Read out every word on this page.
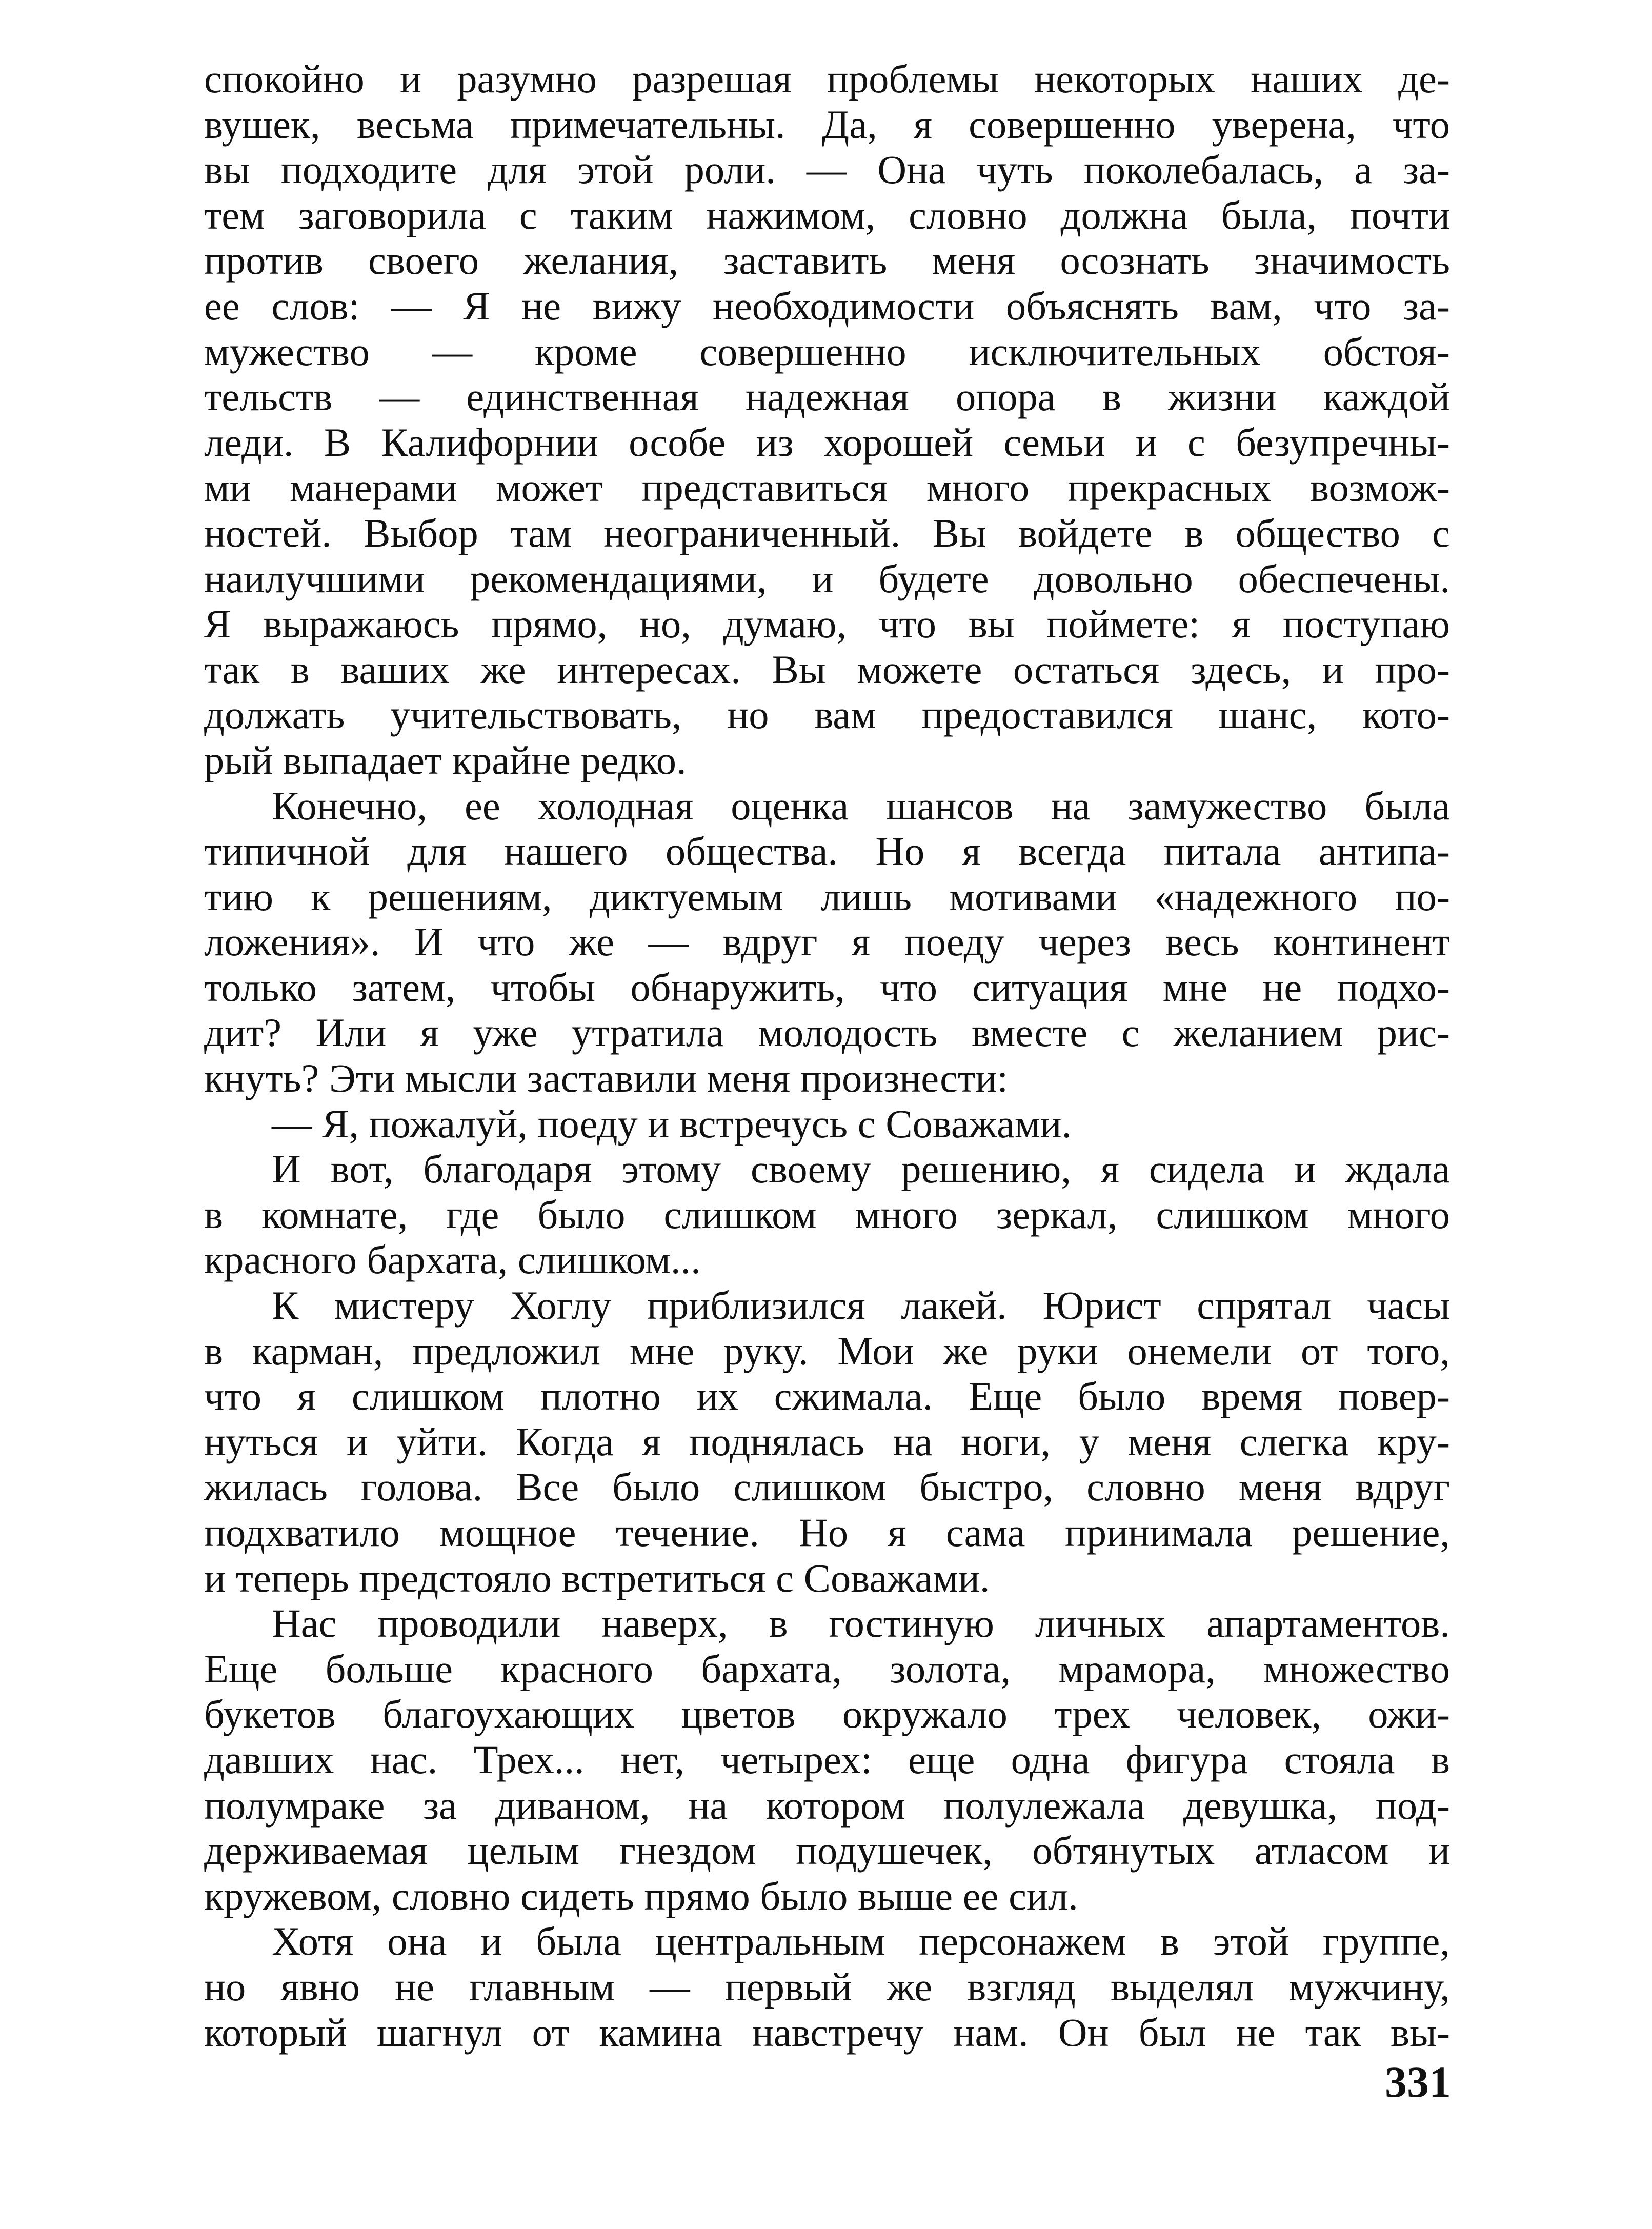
спокойно и разумно разрешая проблемы некоторых наших де-
вушек, весьма примечательны. Да, я совершенно уверена, что
вы подходите для этой роли. — Она чуть поколебалась, а за-
тем заговорила с таким нажимом, словно должна была, почти
против своего желания, заставить меня осознать значимость
ее слов: — Я не вижу необходимости объяснять вам, что за-
мужество — кроме совершенно исключительных обстоя-
тельств — единственная надежная опора в жизни каждой
леди. В Калифорнии особе из хорошей семьи и с безупречны-
ми манерами может представиться много прекрасных возмож-
ностей. Выбор там неограниченный. Вы войдете в общество с
наилучшими рекомендациями, и будете довольно обеспечены.
Я выражаюсь прямо, но, думаю, что вы поймете: я поступаю
так в ваших же интересах. Вы можете остаться здесь, и про-
должать учительствовать, но вам предоставился шанс, кото-
рый выпадает крайне редко.
Конечно, ее холодная оценка шансов на замужество была
типичной для нашего общества. Но я всегда питала антипа-
тию к решениям, диктуемым лишь мотивами «надежного по-
ложения». И что же — вдруг я поеду через весь континент
только затем, чтобы обнаружить, что ситуация мне не подхо-
дит? Или я уже утратила молодость вместе с желанием рис-
кнуть? Эти мысли заставили меня произнести:
— Я, пожалуй, поеду и встречусь с Соважами.
И вот, благодаря этому своему решению, я сидела и ждала
в комнате, где было слишком много зеркал, слишком много
красного бархата, слишком...
К мистеру Хоглу приблизился лакей. Юрист спрятал часы
в карман, предложил мне руку. Мои же руки онемели от того,
что я слишком плотно их сжимала. Еще было время повер-
нуться и уйти. Когда я поднялась на ноги, у меня слегка кру-
жилась голова. Все было слишком быстро, словно меня вдруг
подхватило мощное течение. Но я сама принимала решение,
и теперь предстояло встретиться с Соважами.
Нас проводили наверх, в гостиную личных апартаментов.
Еще больше красного бархата, золота, мрамора, множество
букетов благоухающих цветов окружало трех человек, ожи-
давших нас. Трех... нет, четырех: еще одна фигура стояла в
полумраке за диваном, на котором полулежала девушка, под-
держиваемая целым гнездом подушечек, обтянутых атласом и
кружевом, словно сидеть прямо было выше ее сил.
Хотя она и была центральным персонажем в этой группе,
но явно не главным — первый же взгляд выделял мужчину,
который шагнул от камина навстречу нам. Он был не так вы-
331
